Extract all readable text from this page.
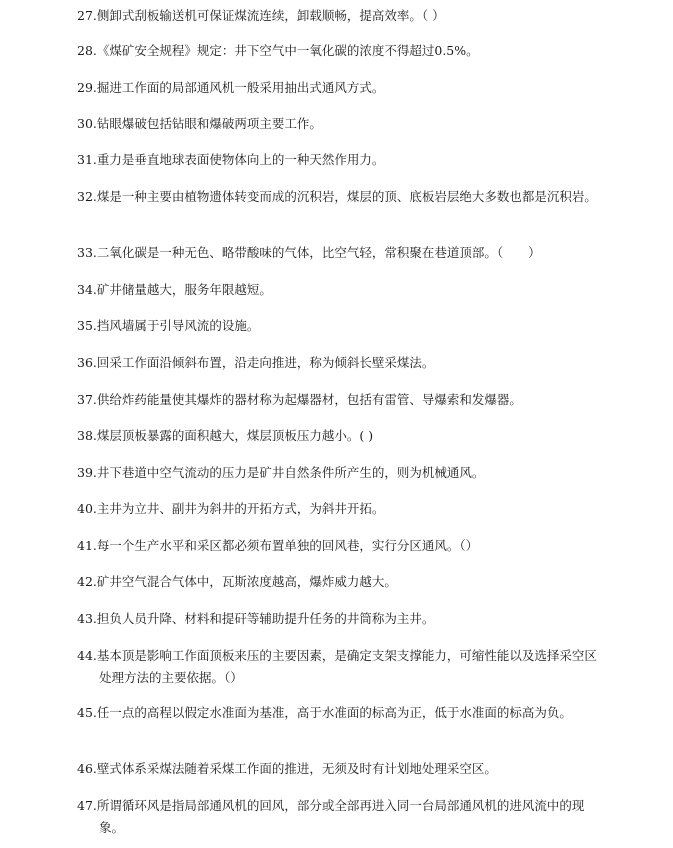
27.侧卸式刮板输送机可保证煤流连续，卸载顺畅，提高效率。（ ）
28.《煤矿安全规程》规定：井下空气中一氧化碳的浓度不得超过0.5%。
29.掘进工作面的局部通风机一般采用抽出式通风方式。
30.钻眼爆破包括钻眼和爆破两项主要工作。
31.重力是垂直地球表面使物体向上的一种天然作用力。
32.煤是一种主要由植物遗体转变而成的沉积岩，煤层的顶、底板岩层绝大多数也都是沉积岩。
33.二氧化碳是一种无色、略带酸味的气体，比空气轻，常积聚在巷道顶部。（　　）
34.矿井储量越大，服务年限越短。
35.挡风墙属于引导风流的设施。
36.回采工作面沿倾斜布置，沿走向推进，称为倾斜长壁采煤法。
37.供给炸药能量使其爆炸的器材称为起爆器材，包括有雷管、导爆索和发爆器。
38.煤层顶板暴露的面积越大，煤层顶板压力越小。( )
39.井下巷道中空气流动的压力是矿井自然条件所产生的，则为机械通风。
40.主井为立井、副井为斜井的开拓方式，为斜井开拓。
41.每一个生产水平和采区都必须布置单独的回风巷，实行分区通风。（）
42.矿井空气混合气体中，瓦斯浓度越高，爆炸威力越大。
43.担负人员升降、材料和提矸等辅助提升任务的井筒称为主井。
44.基本顶是影响工作面顶板来压的主要因素，是确定支架支撑能力，可缩性能以及选择采空区处理方法的主要依据。（）
45.任一点的高程以假定水准面为基准，高于水准面的标高为正，低于水准面的标高为负。
46.壁式体系采煤法随着采煤工作面的推进，无须及时有计划地处理采空区。
47.所谓循环风是指局部通风机的回风，部分或全部再进入同一台局部通风机的进风流中的现象。
